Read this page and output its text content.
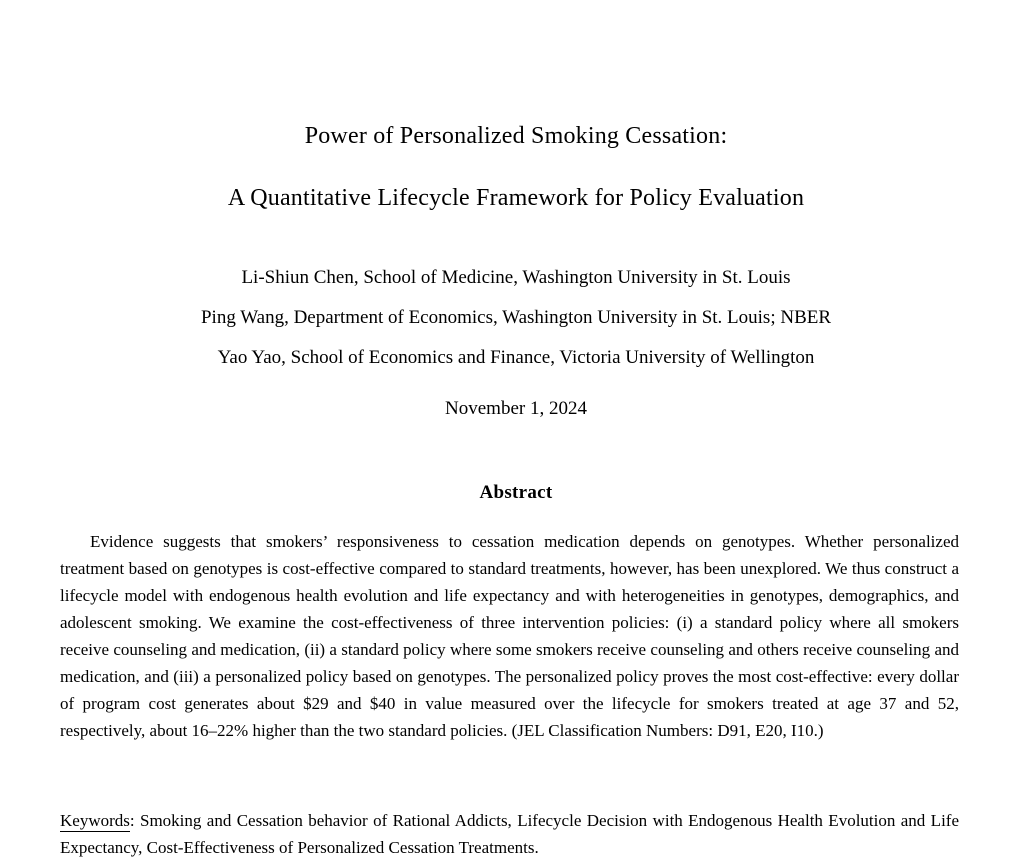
Power of Personalized Smoking Cessation:
A Quantitative Lifecycle Framework for Policy Evaluation
Li-Shiun Chen, School of Medicine, Washington University in St. Louis
Ping Wang, Department of Economics, Washington University in St. Louis; NBER
Yao Yao, School of Economics and Finance, Victoria University of Wellington
November 1, 2024
Abstract

Evidence suggests that smokers’ responsiveness to cessation medication depends on genotypes. Whether personalized treatment based on genotypes is cost-effective compared to standard treatments, however, has been unexplored. We thus construct a lifecycle model with endogenous health evolution and life expectancy and with heterogeneities in genotypes, demographics, and adolescent smoking. We examine the cost-effectiveness of three intervention policies: (i) a standard policy where all smokers receive counseling and medication, (ii) a standard policy where some smokers receive counseling and others receive counseling and medication, and (iii) a personalized policy based on genotypes. The personalized policy proves the most cost-effective: every dollar of program cost generates about $29 and $40 in value measured over the lifecycle for smokers treated at age 37 and 52, respectively, about 16–22% higher than the two standard policies. (JEL Classification Numbers: D91, E20, I10.)

Keywords: Smoking and Cessation behavior of Rational Addicts, Lifecycle Decision with Endogenous Health Evolution and Life Expectancy, Cost-Effectiveness of Personalized Cessation Treatments.
